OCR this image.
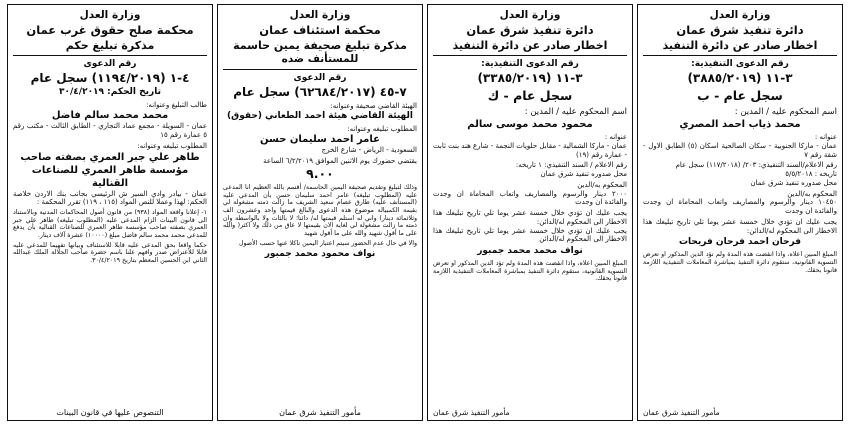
وزارة العدل
دائرة تنفيذ شرق عمان
اخطار صادر عن دائرة التنفيذ
رقم الدعوى التنفيذية:
٣-١١ (٣٨٨٥/٢٠١٩)
سجل عام - ب
اسم المحكوم عليه / المدين :
محمد ذياب احمد المصري
عنوانه :
عمان - ماركا الجنوبية - سكان الصالحية اسكان (٥) الطابق الاول - شقة رقم ٧
رقم الاعلام/السند التنفيذي: ٢٠٣/ (١١٧/٢٠١٨) سجل عام
تاريخه : ٥/٥/٢٠١٨
محل صدوره تنفيذ شرق عمان
المحكوم به/الدين
١٠٤٥٠ دينار والرسوم والمصاريف واتعاب المحاماة ان وجدت والفائدة ان وجدت
يجب عليك ان تؤدي خلال خمسة عشر يوما تلي تاريخ تبليغك هذا الاخطار الى المحكوم له/الدائن:
فرحان احمد فرحان فريحات
المبلغ المبين اعلاه، واذا انقضت هذه المدة ولم تؤد الدين المذكور او تعرض التسوية القانونية، ستقوم دائرة التنفيذ بمباشرة المعاملات التنفيذية اللازمة قانونا بحقك.
مأمور التنفيذ شرق عمان
وزارة العدل
دائرة تنفيذ شرق عمان
اخطار صادر عن دائرة التنفيذ
رقم الدعوى التنفيذية:
٣-١١ (٣٣٨٥/٢٠١٩)
سجل عام - ك
اسم المحكوم عليه / المدين :
محمود محمد موسى سالم
عنوانه :
عمان - ماركا الشمالية - مقابل حلويات النجمة - شارع هند بنت ثابت - عمارة رقم (١٩)
رقم الاعلام / السند التنفيذي: ١ تاريخه:
محل صدوره تنفيذ شرق عمان
المحكوم به/الدين
٢٠٠٠ دينار والرسوم والمصاريف واتعاب المحاماة ان وجدت والفائدة ان وجدت
يجب عليك ان تؤدي خلال خمسة عشر يوما تلي تاريخ تبليغك هذا الاخطار الى المحكوم له/الدائن:
يجب عليك ان تؤدي خلال خمسة عشر يوما تلي تاريخ تبليغك هذا الاخطار الى المحكوم له/الدائن
نواف محمد محمد جمبور
المبلغ المبين اعلاه، واذا انقضت هذه المدة ولم تؤد الدين المذكور او تعرض التسوية القانونية، ستقوم دائرة التنفيذ بمباشرة المعاملات التنفيذية اللازمة قانونا بحقك.
مأمور التنفيذ شرق عمان
وزارة العدل
محكمة استئناف عمان
مذكرة تبليغ صحيفة يمين حاسمة
للمستأنف ضده
رقم الدعوى
٧-٤٥ (٦٢٦٨٤/٢٠١٧) سجل عام
الهيئة القاضي صحيفة وعنوانه:
الهيئة القاضي هيئة احمد الطعاني (حقوق)
المطلوب تبليغه وعنوانه:
عامر احمد سليمان حسن
السعودية - الرياض - شارع الخرج
يقتضي حضورك يوم الاثنين الموافق ٦/٢/٢٠١٩ الساعة
٩.٠٠
وذلك لتبليغ وتقديم صحيفة اليمين الحاسمة/ أقسم بالله العظيم انا المدعى عليه (المطلوب تبليغه) عامر احمد سليمان حسن بأن المدعي عليه (المستأنف عليه) طارق عصام سعيد الشريف ما زالت ذمته مشغولة لي بقيمة الكمبيالة موضوع هذه الدعوى والبالغ قيمتها واحد وعشرون الف وثلاثمائة دينار) واني له استلم قيمتها له/ دائنا؛ لا بالثات ولا بالواسطة وان ذمته ما زالت مشغولة لي لغاية الان بقيمتها لا عاق من ذلك ولا اكثر( والله على ما أقول شهيد والله على ما أقول شهيد
والا في حال عدم الحضور سيتم اعتبار اليمين ناكلا عنها حسب الأصول
نواف محمود محمد جمبور
مأمور التنفيذ شرق عمان
وزارة العدل
محكمة صلح حقوق غرب عمان
مذكرة تبليغ حكم
رقم الدعوى
٤-١ (١١٩٤/٢٠١٩) سجل عام
تاريخ الحكم: ٣٠/٤/٢٠١٩
طالب التبليغ وعنوانه:
محمد محمد سالم فاضل
عمان - السويلة - مجمع عماد التجاري - الطابق الثالث - مكتب رقم ٥ عمارة رقم ١٥
المطلوب تبليغه وعنوانه:
طاهر علي جبر العمري بصفته صاحب مؤسسة طاهر العمري للصناعات القنالية
عمان - بيادر وادي السير ش الرئيسي بجانب بنك الاردن خلاصة الحكم: لهذا وعملا للنص المواد (١١٥ ، ١١٩) تقرر المحكمة :
١- إعلانا واقعة المواد (٩٣٨) من قانون أصول المحاكمات المدنية وبالاستناد الى قانون البينات الزام المدعى عليه (المطلوب تبليغه) طاهر علي جبر العمري بصفته صاحب مؤسسة طاهر العمري للصناعات القنالية بأن يدفع للمدعي محمد محمد سالم فاضل مبلغ (١٠٠٠٠) عشرة آلاف دينار.
حكما واقعا بحق المدعى عليه قابلا للاستئناف وبيانها تفهيما للمدعي عليه قابلا للاعتراض صدر وافهم علنا باسم حضرة صاحب الجلالة الملك عبدالله الثاني ابن الحسين المعظم بتاريخ ٣٠/٤/٢٠١٩.
التنصوص عليها في قانون البينات
